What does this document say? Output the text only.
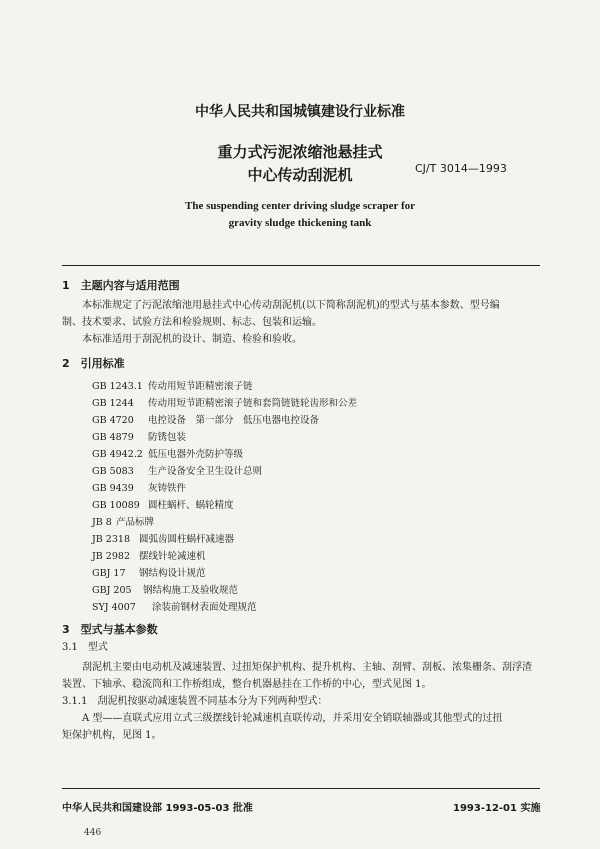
中华人民共和国城镇建设行业标准
重力式污泥浓缩池悬挂式
中心传动刮泥机	CJ/T 3014—1993
The suspending center driving sludge scraper for
gravity sludge thickening tank
1　主题内容与适用范围
本标准规定了污泥浓缩池用悬挂式中心传动刮泥机(以下简称刮泥机)的型式与基本参数、型号编
制、技术要求、试验方法和检验规则、标志、包装和运输。
本标准适用于刮泥机的设计、制造、检验和验收。
2　引用标准
GB 1243.1 传动用短节距精密滚子链
GB 1244 传动用短节距精密滚子链和套筒链链轮齿形和公差
GB 4720 电控设备　第一部分　低压电器电控设备
GB 4879 防锈包装
GB 4942.2 低压电器外壳防护等级
GB 5083 生产设备安全卫生设计总则
GB 9439 灰铸铁件
GB 10089 圆柱蜗杆、蜗轮精度
JB 8 产品标牌
JB 2318 圆弧齿圆柱蜗杆减速器
JB 2982 摆线针轮减速机
GBJ 17 钢结构设计规范
GBJ 205 钢结构施工及验收规范
SYJ 4007 涂装前钢材表面处理规范
3　型式与基本参数
3.1　型式
刮泥机主要由电动机及减速装置、过扭矩保护机构、提升机构、主轴、刮臂、刮板、浓集栅条、刮浮渣
装置、下轴承、稳流筒和工作桥组成，整台机器悬挂在工作桥的中心，型式见图 1。
3.1.1　刮泥机按驱动减速装置不同基本分为下列两种型式：
A 型——直联式应用立式三级摆线针轮减速机直联传动，并采用安全销联轴器或其他型式的过扭
矩保护机构，见图 1。
中华人民共和国建设部 1993-05-03 批准	1993-12-01 实施
446
